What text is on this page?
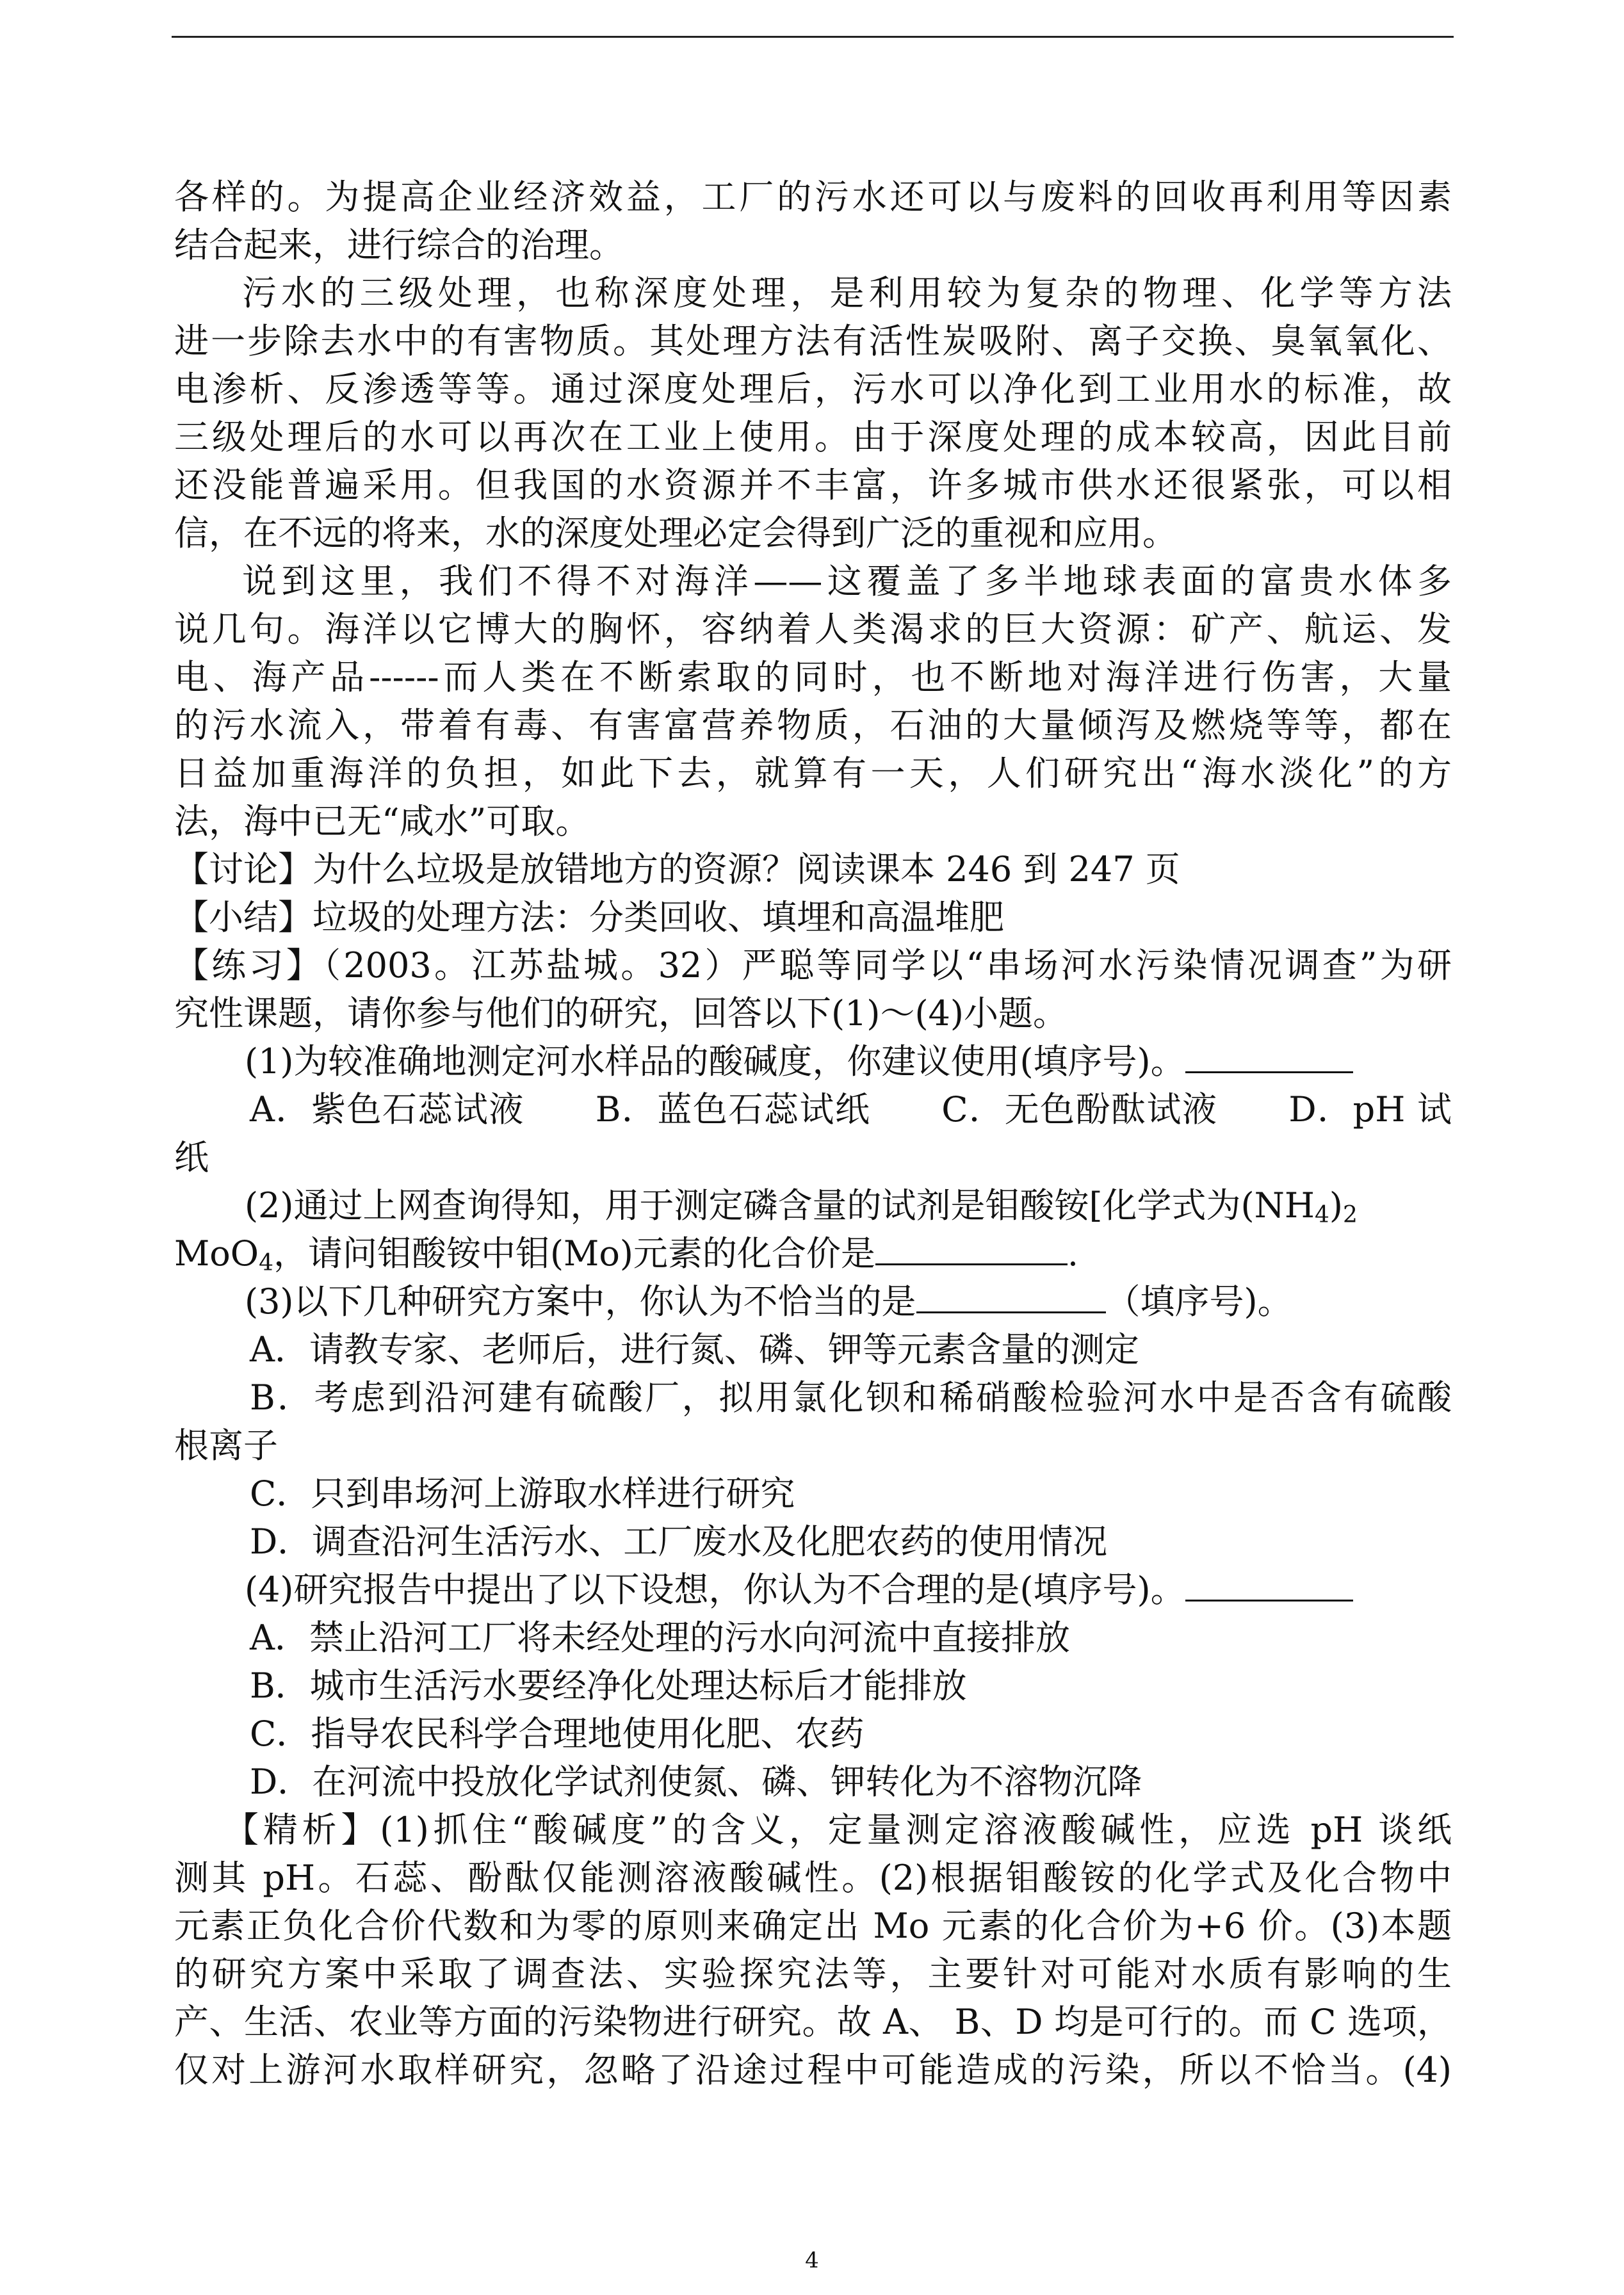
各样的。为提高企业经济效益，工厂的污水还可以与废料的回收再利用等因素
结合起来，进行综合的治理。
污水的三级处理，也称深度处理，是利用较为复杂的物理、化学等方法
进一步除去水中的有害物质。其处理方法有活性炭吸附、离子交换、臭氧氧化、
电渗析、反渗透等等。通过深度处理后，污水可以净化到工业用水的标准，故
三级处理后的水可以再次在工业上使用。由于深度处理的成本较高，因此目前
还没能普遍采用。但我国的水资源并不丰富，许多城市供水还很紧张，可以相
信，在不远的将来，水的深度处理必定会得到广泛的重视和应用。
说到这里，我们不得不对海洋——这覆盖了多半地球表面的富贵水体多
说几句。海洋以它博大的胸怀，容纳着人类渴求的巨大资源：矿产、航运、发
电、海产品------而人类在不断索取的同时，也不断地对海洋进行伤害，大量
的污水流入，带着有毒、有害富营养物质，石油的大量倾泻及燃烧等等，都在
日益加重海洋的负担，如此下去，就算有一天，人们研究出“海水淡化”的方
法，海中已无“咸水”可取。
【讨论】为什么垃圾是放错地方的资源？阅读课本 246 到 247 页
【小结】垃圾的处理方法：分类回收、填埋和高温堆肥
【练习】（2003。江苏盐城。32）严聪等同学以“串场河水污染情况调查”为研
究性课题，请你参与他们的研究，回答以下(1)～(4)小题。
(1)为较准确地测定河水样品的酸碱度，你建议使用(填序号)。
A．紫色石蕊试液　　B．蓝色石蕊试纸　　C．无色酚酞试液　　D．pH 试
纸
(2)通过上网查询得知，用于测定磷含量的试剂是钼酸铵[化学式为$(NH_4)_2$
MoO$_4$，请问钼酸铵中钼(Mo)元素的化合价是	.
(3)以下几种研究方案中，你认为不恰当的是	（填序号)。
A．请教专家、老师后，进行氮、磷、钾等元素含量的测定
B．考虑到沿河建有硫酸厂，拟用氯化钡和稀硝酸检验河水中是否含有硫酸
根离子
C．只到串场河上游取水样进行研究
D．调查沿河生活污水、工厂废水及化肥农药的使用情况
(4)研究报告中提出了以下设想，你认为不合理的是(填序号)。
A．禁止沿河工厂将未经处理的污水向河流中直接排放
B．城市生活污水要经净化处理达标后才能排放
C．指导农民科学合理地使用化肥、农药
D．在河流中投放化学试剂使氮、磷、钾转化为不溶物沉降
【精析】(1)抓住“酸碱度”的含义，定量测定溶液酸碱性，应选 pH 谈纸
测其 pH。石蕊、酚酞仅能测溶液酸碱性。(2)根据钼酸铵的化学式及化合物中
元素正负化合价代数和为零的原则来确定出 Mo 元素的化合价为+6 价。(3)本题
的研究方案中采取了调查法、实验探究法等，主要针对可能对水质有影响的生
产、生活、农业等方面的污染物进行研究。故 A、 B、D 均是可行的。而 C 选项，
仅对上游河水取样研究，忽略了沿途过程中可能造成的污染，所以不恰当。(4)
4
